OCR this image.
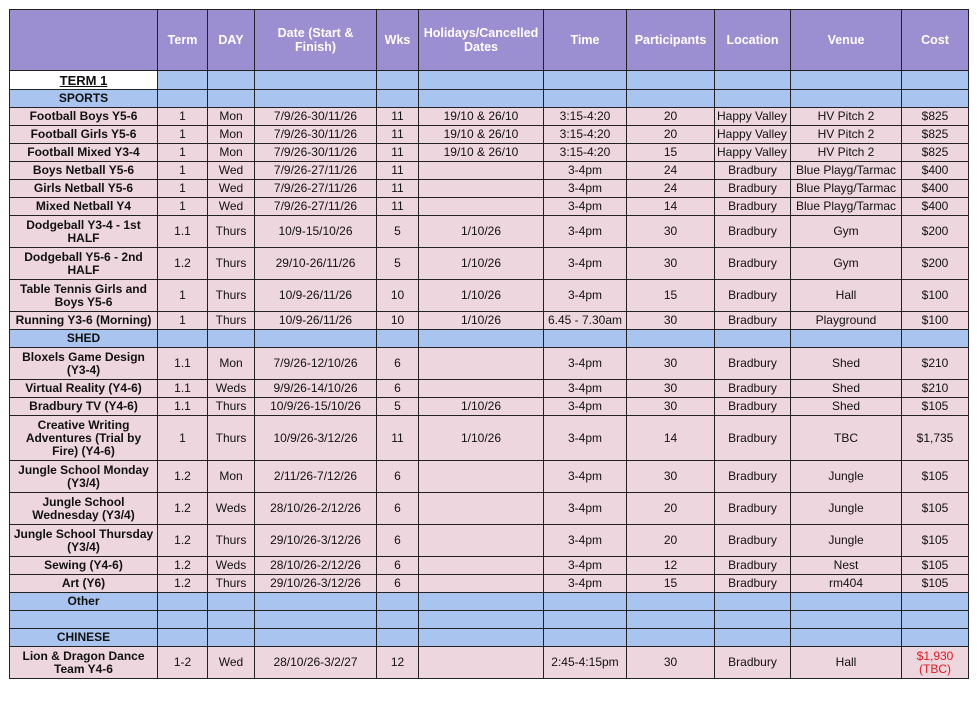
	Term	DAY	Date (Start & Finish)	Wks	Holidays/Cancelled Dates	Time	Participants	Location	Venue	Cost
TERM 1										
SPORTS										
Football Boys Y5-6	1	Mon	7/9/26-30/11/26	11	19/10 & 26/10	3:15-4:20	20	Happy Valley	HV Pitch 2	$825
Football Girls Y5-6	1	Mon	7/9/26-30/11/26	11	19/10 & 26/10	3:15-4:20	20	Happy Valley	HV Pitch 2	$825
Football Mixed Y3-4	1	Mon	7/9/26-30/11/26	11	19/10 & 26/10	3:15-4:20	15	Happy Valley	HV Pitch 2	$825
Boys Netball Y5-6	1	Wed	7/9/26-27/11/26	11		3-4pm	24	Bradbury	Blue Playg/Tarmac	$400
Girls Netball Y5-6	1	Wed	7/9/26-27/11/26	11		3-4pm	24	Bradbury	Blue Playg/Tarmac	$400
Mixed Netball Y4	1	Wed	7/9/26-27/11/26	11		3-4pm	14	Bradbury	Blue Playg/Tarmac	$400
Dodgeball Y3-4 - 1st HALF	1.1	Thurs	10/9-15/10/26	5	1/10/26	3-4pm	30	Bradbury	Gym	$200
Dodgeball Y5-6 - 2nd HALF	1.2	Thurs	29/10-26/11/26	5	1/10/26	3-4pm	30	Bradbury	Gym	$200
Table Tennis Girls and Boys Y5-6	1	Thurs	10/9-26/11/26	10	1/10/26	3-4pm	15	Bradbury	Hall	$100
Running Y3-6 (Morning)	1	Thurs	10/9-26/11/26	10	1/10/26	6.45 - 7.30am	30	Bradbury	Playground	$100
SHED										
Bloxels Game Design (Y3-4)	1.1	Mon	7/9/26-12/10/26	6		3-4pm	30	Bradbury	Shed	$210
Virtual Reality (Y4-6)	1.1	Weds	9/9/26-14/10/26	6		3-4pm	30	Bradbury	Shed	$210
Bradbury TV (Y4-6)	1.1	Thurs	10/9/26-15/10/26	5	1/10/26	3-4pm	30	Bradbury	Shed	$105
Creative Writing Adventures (Trial by Fire) (Y4-6)	1	Thurs	10/9/26-3/12/26	11	1/10/26	3-4pm	14	Bradbury	TBC	$1,735
Jungle School Monday (Y3/4)	1.2	Mon	2/11/26-7/12/26	6		3-4pm	30	Bradbury	Jungle	$105
Jungle School Wednesday (Y3/4)	1.2	Weds	28/10/26-2/12/26	6		3-4pm	20	Bradbury	Jungle	$105
Jungle School Thursday (Y3/4)	1.2	Thurs	29/10/26-3/12/26	6		3-4pm	20	Bradbury	Jungle	$105
Sewing (Y4-6)	1.2	Weds	28/10/26-2/12/26	6		3-4pm	12	Bradbury	Nest	$105
Art (Y6)	1.2	Thurs	29/10/26-3/12/26	6		3-4pm	15	Bradbury	rm404	$105
Other										

CHINESE										
Lion & Dragon Dance Team Y4-6	1-2	Wed	28/10/26-3/2/27	12		2:45-4:15pm	30	Bradbury	Hall	$1,930 (TBC)
